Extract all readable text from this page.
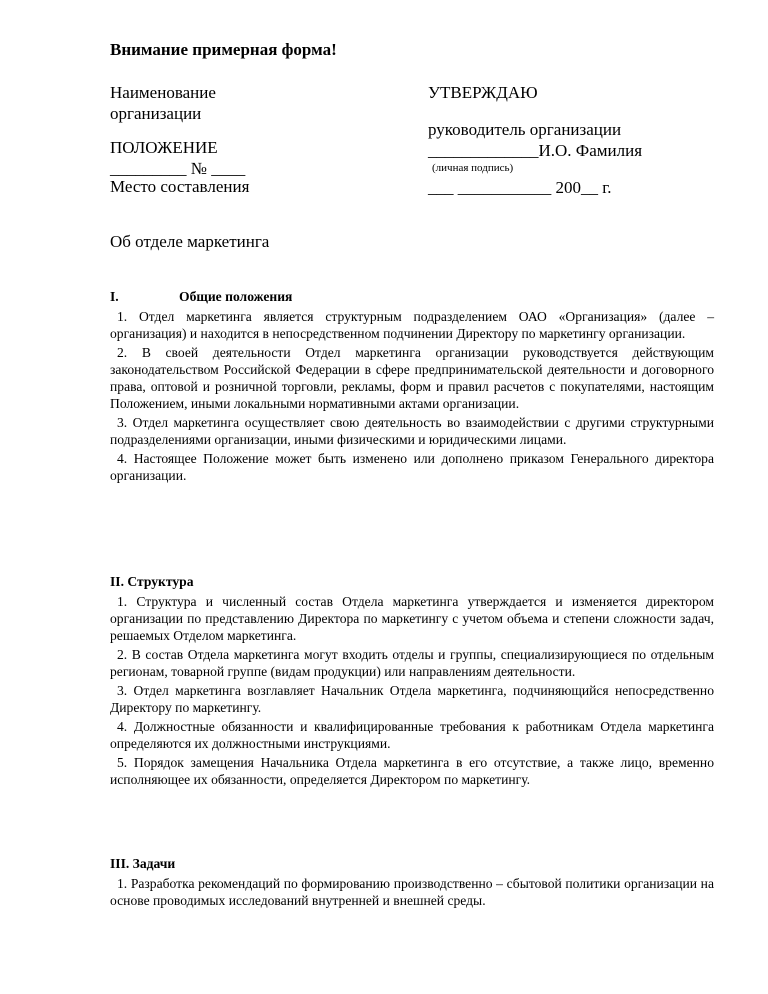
Внимание примерная форма!
Наименование
организации
ПОЛОЖЕНИЕ
_________ № ____
Место составления
УТВЕРЖДАЮ
руководитель организации
_____________И.О. Фамилия
(личная подпись)
___ ___________ 200__ г.
Об отделе маркетинга
I.	Общие положения

1. Отдел маркетинга является структурным подразделением ОАО «Организация» (далее – организация) и находится в непосредственном подчинении Директору по маркетингу организации.

2. В своей деятельности Отдел маркетинга организации руководствуется действующим законодательством Российской Федерации в сфере предпринимательской деятельности и договорного права, оптовой и розничной торговли, рекламы, форм и правил расчетов с покупателями, настоящим Положением, иными локальными нормативными актами организации.

3. Отдел маркетинга осуществляет свою деятельность во взаимодействии с другими структурными подразделениями организации, иными физическими и юридическими лицами.

4. Настоящее Положение может быть изменено или дополнено приказом Генерального директора организации.

II. Структура

1. Структура и численный состав Отдела маркетинга утверждается и изменяется директором организации по представлению Директора по маркетингу с учетом объема и степени сложности задач, решаемых Отделом маркетинга.

2. В состав Отдела маркетинга могут входить отделы и группы, специализирующиеся по отдельным регионам, товарной группе (видам продукции) или направлениям деятельности.

3. Отдел маркетинга возглавляет Начальник Отдела маркетинга, подчиняющийся непосредственно Директору по маркетингу.

4. Должностные обязанности и квалифицированные требования к работникам Отдела маркетинга определяются их должностными инструкциями.

5. Порядок замещения Начальника Отдела маркетинга в его отсутствие, а также лицо, временно исполняющее их обязанности, определяется Директором по маркетингу.

III. Задачи

1. Разработка рекомендаций по формированию производственно – сбытовой политики организации на основе проводимых исследований внутренней и внешней среды.
